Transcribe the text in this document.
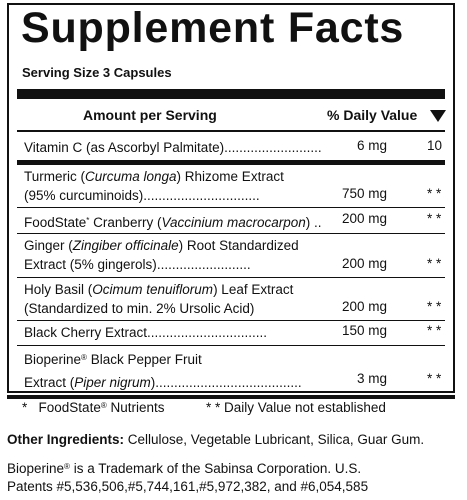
Supplement Facts
Serving Size 3 Capsules
Amount per Serving	% Daily Value
Vitamin C (as Ascorbyl Palmitate)..........................	6 mg	10
Turmeric (Curcuma longa) Rhizome Extract
(95% curcuminoids)...............................	750 mg	* *
FoodState* Cranberry (Vaccinium macrocarpon) ..	200 mg	* *
Ginger (Zingiber officinale) Root Standardized
Extract (5% gingerols).........................	200 mg	* *
Holy Basil (Ocimum tenuiflorum) Leaf Extract
(Standardized to min. 2% Ursolic Acid)	200 mg	* *
Black Cherry Extract................................	150 mg	* *
Bioperine® Black Pepper Fruit
Extract (Piper nigrum).......................................	3 mg	* *
* FoodState® Nutrients	* * Daily Value not established
Other Ingredients: Cellulose, Vegetable Lubricant, Silica, Guar Gum.
Bioperine® is a Trademark of the Sabinsa Corporation. U.S.
Patents #5,536,506,#5,744,161,#5,972,382, and #6,054,585
